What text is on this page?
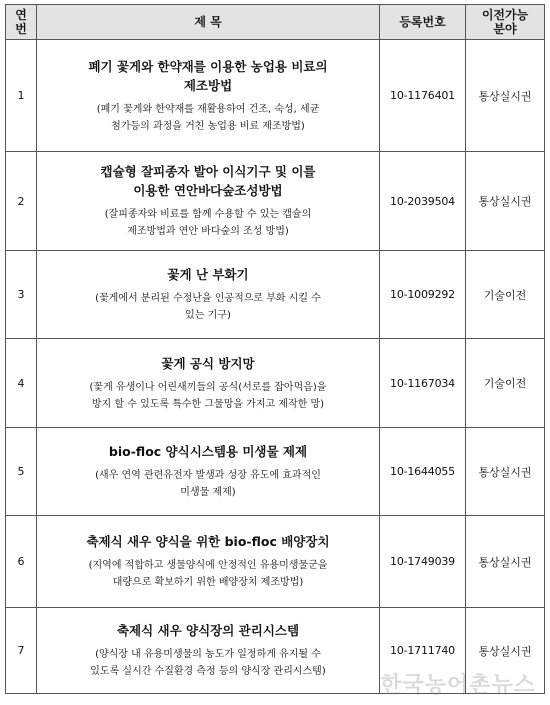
연
번	제 목	등록번호	이전가능
분야
1	폐기 꽃게와 한약재를 이용한 농업용 비료의
제조방법
(폐기 꽃게와 한약재를 재활용하여 건조, 숙성, 세균
첨가등의 과정을 거친 농업용 비료 제조방법)	10-1176401	통상실시권
2	캡슐형 잘피종자 발아 이식기구 및 이를
이용한 연안바다숲조성방법
(잘피종자와 비료를 함께 수용할 수 있는 캡슐의
제조방법과 연안 바다숲의 조성 방법)	10-2039504	통상실시권
3	꽃게 난 부화기
(꽃게에서 분리된 수정난을 인공적으로 부화 시킬 수
있는 기구)	10-1009292	기술이전
4	꽃게 공식 방지망
(꽃게 유생이나 어린새끼들의 공식(서로를 잡아먹음)을
방지 할 수 있도록 특수한 그물망을 가지고 제작한 망)	10-1167034	기술이전
5	bio-floc 양식시스템용 미생물 제제
(새우 연역 관련유전자 발생과 성장 유도에 효과적인
미생물 제제)	10-1644055	통상실시권
6	축제식 새우 양식을 위한 bio-floc 배양장치
(지역에 적합하고 생물양식에 안정적인 유용미생물군을
대량으로 확보하기 위한 배양장치 제조방법)	10-1749039	통상실시권
7	축제식 새우 양식장의 관리시스템
(양식장 내 유용미생물의 농도가 일정하게 유지될 수
있도록 실시간 수질환경 측정 등의 양식장 관리시스템)	10-1711740	통상실시권
한국농어촌뉴스
